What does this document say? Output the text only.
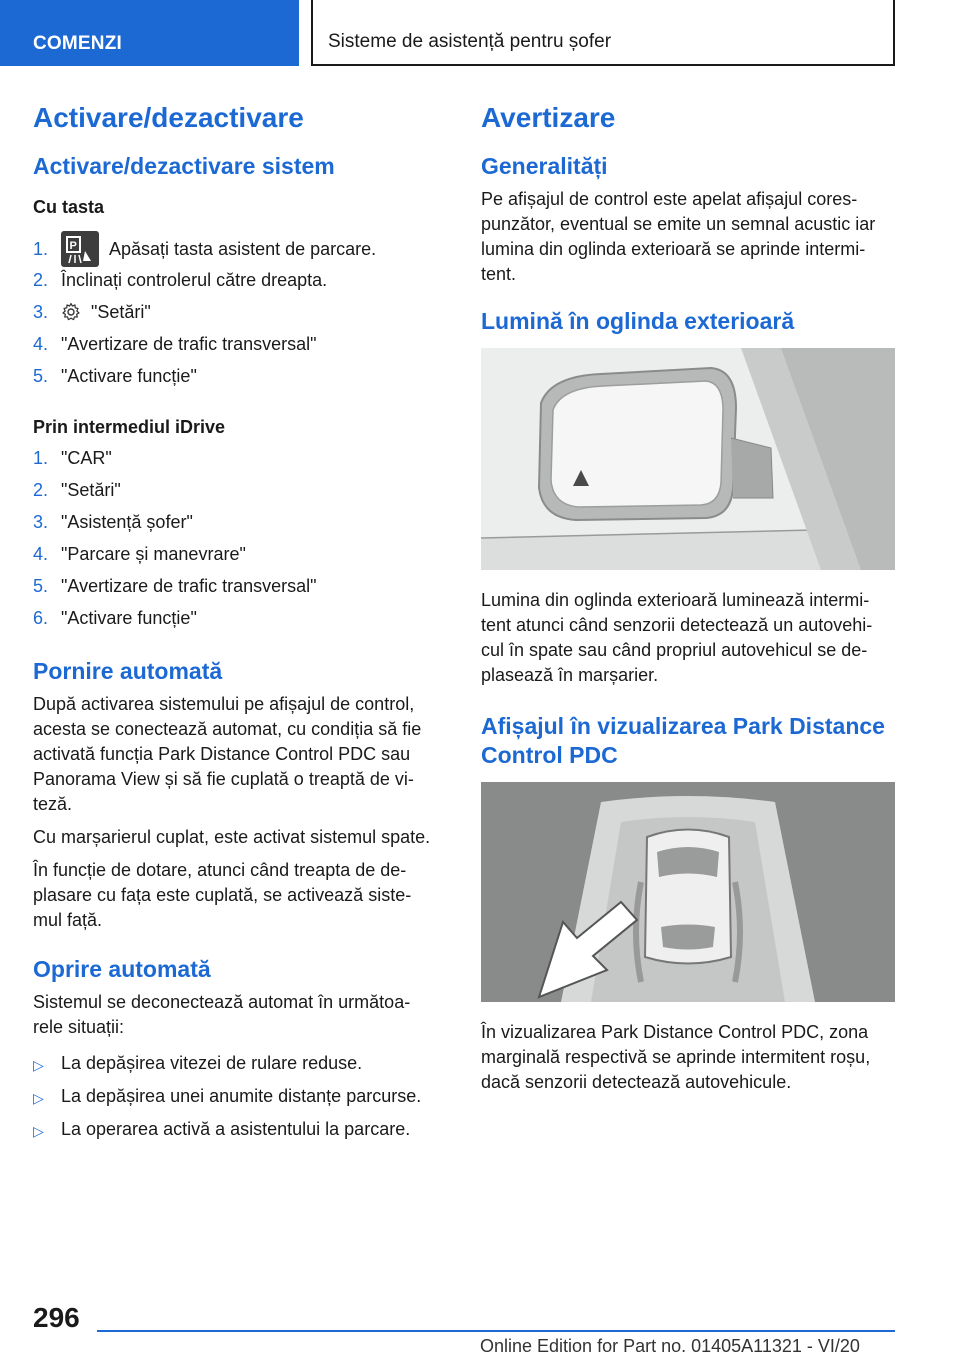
COMENZI	Sisteme de asistență pentru șofer
Activare/dezactivare
Activare/dezactivare sistem
Cu tasta
1.	P Apăsați tasta asistent de parcare.
2. Înclinați controlerul către dreapta.
3.	"Setări"
4. "Avertizare de trafic transversal"
5. "Activare funcție"
Prin intermediul iDrive
1. "CAR"
2. "Setări"
3. "Asistență șofer"
4. "Parcare și manevrare"
5. "Avertizare de trafic transversal"
6. "Activare funcție"
Pornire automată

După activarea sistemului pe afișajul de control, acesta se conectează automat, cu condiția să fie activată funcția Park Distance Control PDC sau Panorama View și să fie cuplată o treaptă de vi- teză.

Cu marșarierul cuplat, este activat sistemul spate.

În funcție de dotare, atunci când treapta de de- plasare cu fața este cuplată, se activează siste- mul față.

Oprire automată

Sistemul se deconectează automat în următoa- rele situații:

▷ La depășirea vitezei de rulare reduse.
▷ La depășirea unei anumite distanțe parcurse.
▷ La operarea activă a asistentului la parcare.
Avertizare
Generalități

Pe afișajul de control este apelat afișajul cores- punzător, eventual se emite un semnal acustic iar lumina din oglinda exterioară se aprinde intermi- tent.

Lumină în oglinda exterioară

Lumina din oglinda exterioară luminează intermi- tent atunci când senzorii detectează un autovehi- cul în spate sau când propriul autovehicul se de- plasează în marșarier.

Afișajul în vizualizarea Park Distance Control PDC

În vizualizarea Park Distance Control PDC, zona marginală respectivă se aprinde intermitent roșu, dacă senzorii detectează autovehicule.

296
Online Edition for Part no. 01405A11321 - VI/20
